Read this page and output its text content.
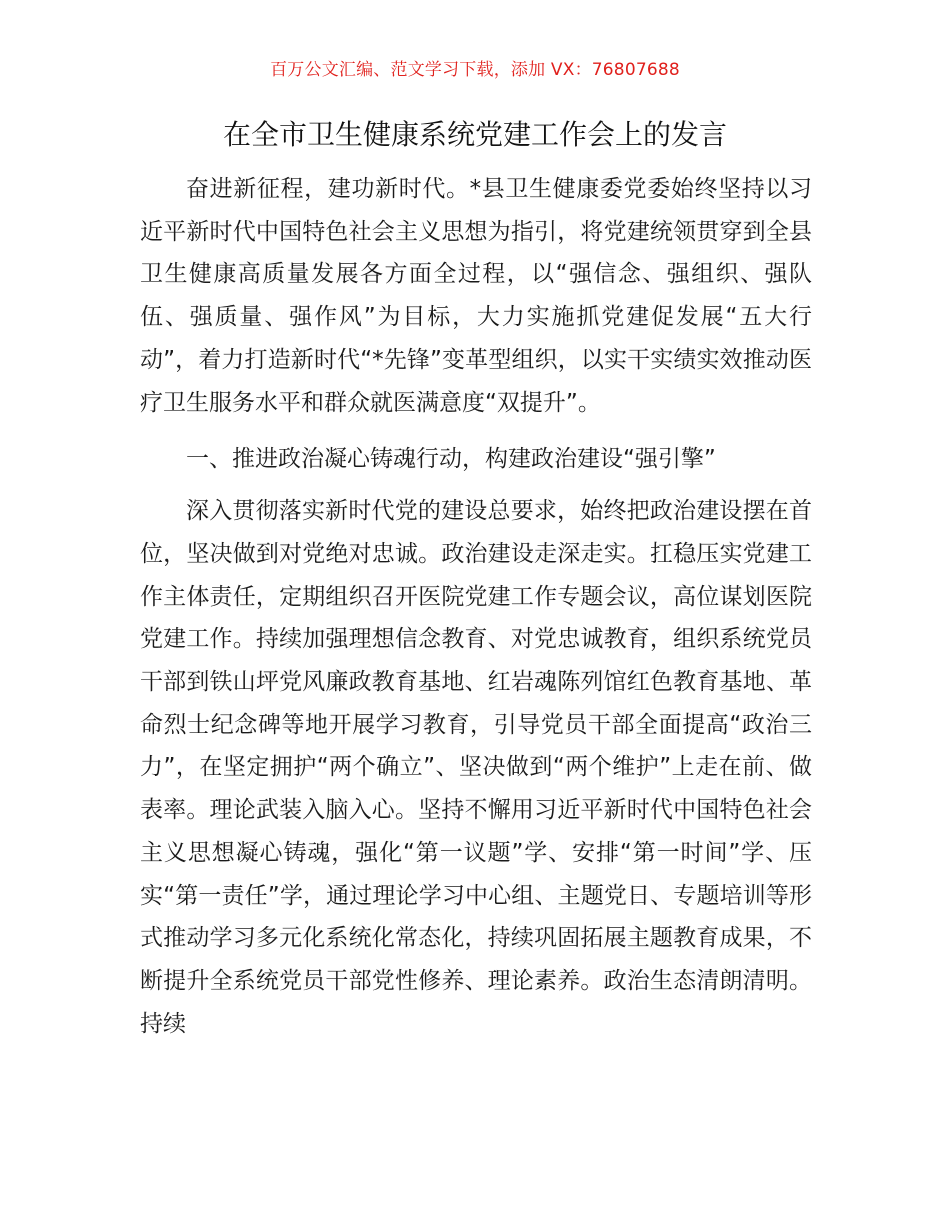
百万公文汇编、范文学习下载，添加 VX：76807688
在全市卫生健康系统党建工作会上的发言

奋进新征程，建功新时代。*县卫生健康委党委始终坚持以习近平新时代中国特色社会主义思想为指引，将党建统领贯穿到全县卫生健康高质量发展各方面全过程，以“强信念、强组织、强队伍、强质量、强作风”为目标，大力实施抓党建促发展“五大行动”，着力打造新时代“*先锋”变革型组织，以实干实绩实效推动医疗卫生服务水平和群众就医满意度“双提升”。

一、推进政治凝心铸魂行动，构建政治建设“强引擎”

深入贯彻落实新时代党的建设总要求，始终把政治建设摆在首位，坚决做到对党绝对忠诚。政治建设走深走实。扛稳压实党建工作主体责任，定期组织召开医院党建工作专题会议，高位谋划医院党建工作。持续加强理想信念教育、对党忠诚教育，组织系统党员干部到铁山坪党风廉政教育基地、红岩魂陈列馆红色教育基地、革命烈士纪念碑等地开展学习教育，引导党员干部全面提高“政治三力”，在坚定拥护“两个确立”、坚决做到“两个维护”上走在前、做表率。理论武装入脑入心。坚持不懈用习近平新时代中国特色社会主义思想凝心铸魂，强化“第一议题”学、安排“第一时间”学、压实“第一责任”学，通过理论学习中心组、主题党日、专题培训等形式推动学习多元化系统化常态化，持续巩固拓展主题教育成果，不断提升全系统党员干部党性修养、理论素养。政治生态清朗清明。持续
